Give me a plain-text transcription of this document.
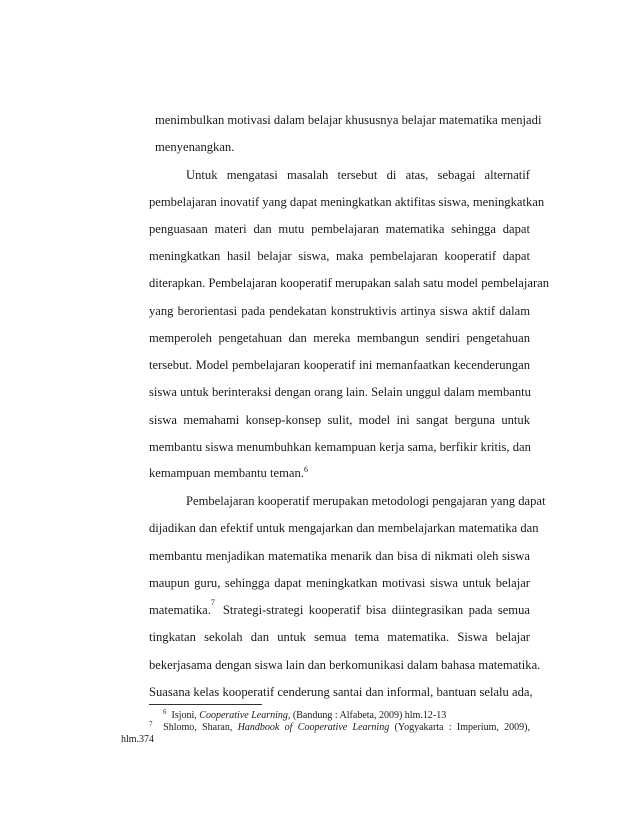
menimbulkan motivasi dalam belajar khususnya belajar matematika menjadi
menyenangkan.
Untuk mengatasi masalah tersebut di atas, sebagai alternatif
pembelajaran inovatif yang dapat meningkatkan aktifitas siswa, meningkatkan
penguasaan materi dan mutu pembelajaran matematika sehingga dapat
meningkatkan hasil belajar siswa, maka pembelajaran kooperatif dapat
diterapkan. Pembelajaran kooperatif merupakan salah satu model pembelajaran
yang berorientasi pada pendekatan konstruktivis artinya siswa aktif dalam
memperoleh pengetahuan dan mereka membangun sendiri pengetahuan
tersebut. Model pembelajaran kooperatif ini memanfaatkan kecenderungan
siswa untuk berinteraksi dengan orang lain. Selain unggul dalam membantu
siswa memahami konsep-konsep sulit, model ini sangat berguna untuk
membantu siswa menumbuhkan kemampuan kerja sama, berfikir kritis, dan
kemampuan membantu teman.$^6$
Pembelajaran kooperatif merupakan metodologi pengajaran yang dapat
dijadikan dan efektif untuk mengajarkan dan membelajarkan matematika dan
membantu menjadikan matematika menarik dan bisa di nikmati oleh siswa
maupun guru, sehingga dapat meningkatkan motivasi siswa untuk belajar
matematika.
7
Strategi-strategi kooperatif bisa diintegrasikan pada semua
tingkatan sekolah dan untuk semua tema matematika. Siswa belajar
bekerjasama dengan siswa lain dan berkomunikasi dalam bahasa matematika.
Suasana kelas kooperatif cenderung santai dan informal, bantuan selalu ada,
$^6$ Isjoni, Cooperative Learning, (Bandung : Alfabeta, 2009) hlm.12-13
$^7$ Shlomo, Sharan, Handbook of Cooperative Learning (Yogyakarta : Imperium, 2009),
hlm.374
